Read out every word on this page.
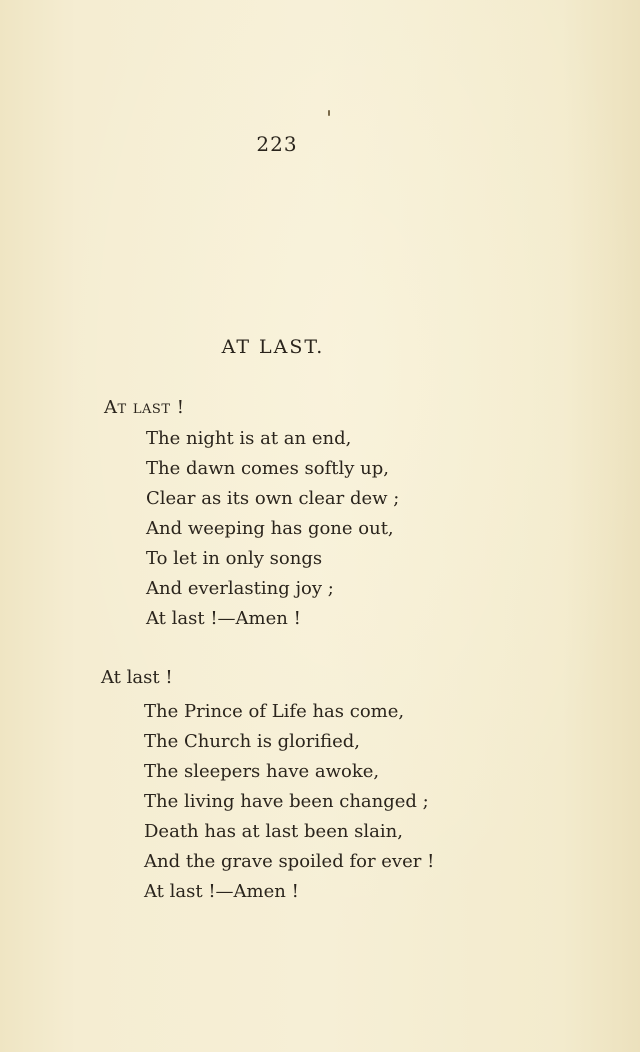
223
AT LAST.
At last !
The night is at an end,
The dawn comes softly up,
Clear as its own clear dew ;
And weeping has gone out,
To let in only songs
And everlasting joy ;
At last !—Amen !
At last !
The Prince of Life has come,
The Church is glorified,
The sleepers have awoke,
The living have been changed ;
Death has at last been slain,
And the grave spoiled for ever !
At last !—Amen !
